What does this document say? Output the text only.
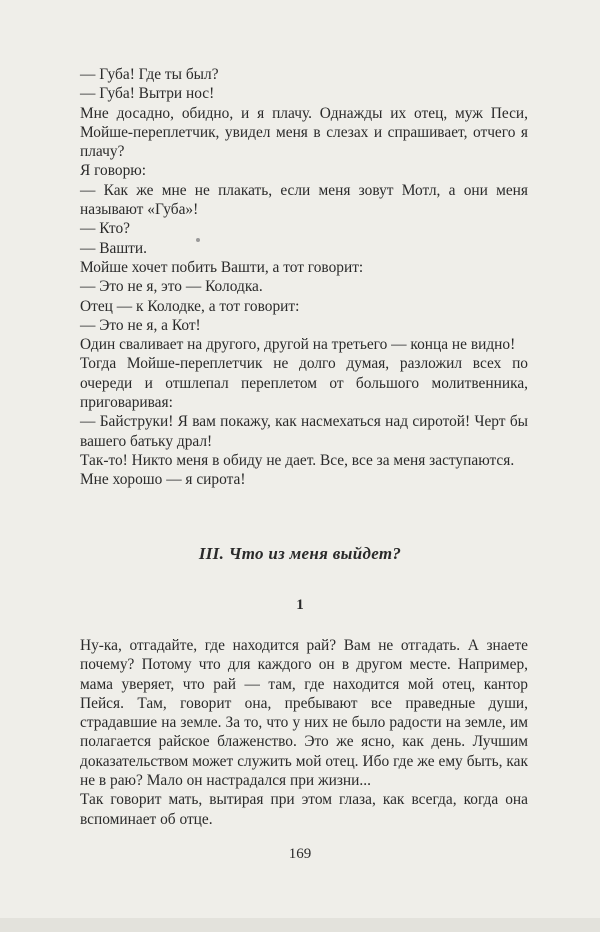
— Губа! Где ты был?

— Губа! Вытри нос!

Мне досадно, обидно, и я плачу. Однажды их отец, муж Песи, Мойше-переплетчик, увидел меня в слезах и спрашивает, отчего я плачу?

Я говорю:

— Как же мне не плакать, если меня зовут Мотл, а они меня называют «Губа»!

— Кто?

— Вашти.

Мойше хочет побить Вашти, а тот говорит:

— Это не я, это — Колодка.

Отец — к Колодке, а тот говорит:

— Это не я, а Кот!

Один сваливает на другого, другой на третьего — конца не видно!

Тогда Мойше-переплетчик не долго думая, разложил всех по очереди и отшлепал переплетом от большого молитвенника, приговаривая:

— Байструки! Я вам покажу, как насмехаться над сиротой! Черт бы вашего батьку драл!

Так-то! Никто меня в обиду не дает. Все, все за меня заступаются.

Мне хорошо — я сирота!

III. Что из меня выйдет?
1

Ну-ка, отгадайте, где находится рай? Вам не отгадать. А знаете почему? Потому что для каждого он в другом месте. Например, мама уверяет, что рай — там, где находится мой отец, кантор Пейся. Там, говорит она, пребывают все праведные души, страдавшие на земле. За то, что у них не было радости на земле, им полагается райское блаженство. Это же ясно, как день. Лучшим доказательством может служить мой отец. Ибо где же ему быть, как не в раю? Мало он настрадался при жизни...

Так говорит мать, вытирая при этом глаза, как всегда, когда она вспоминает об отце.

169
